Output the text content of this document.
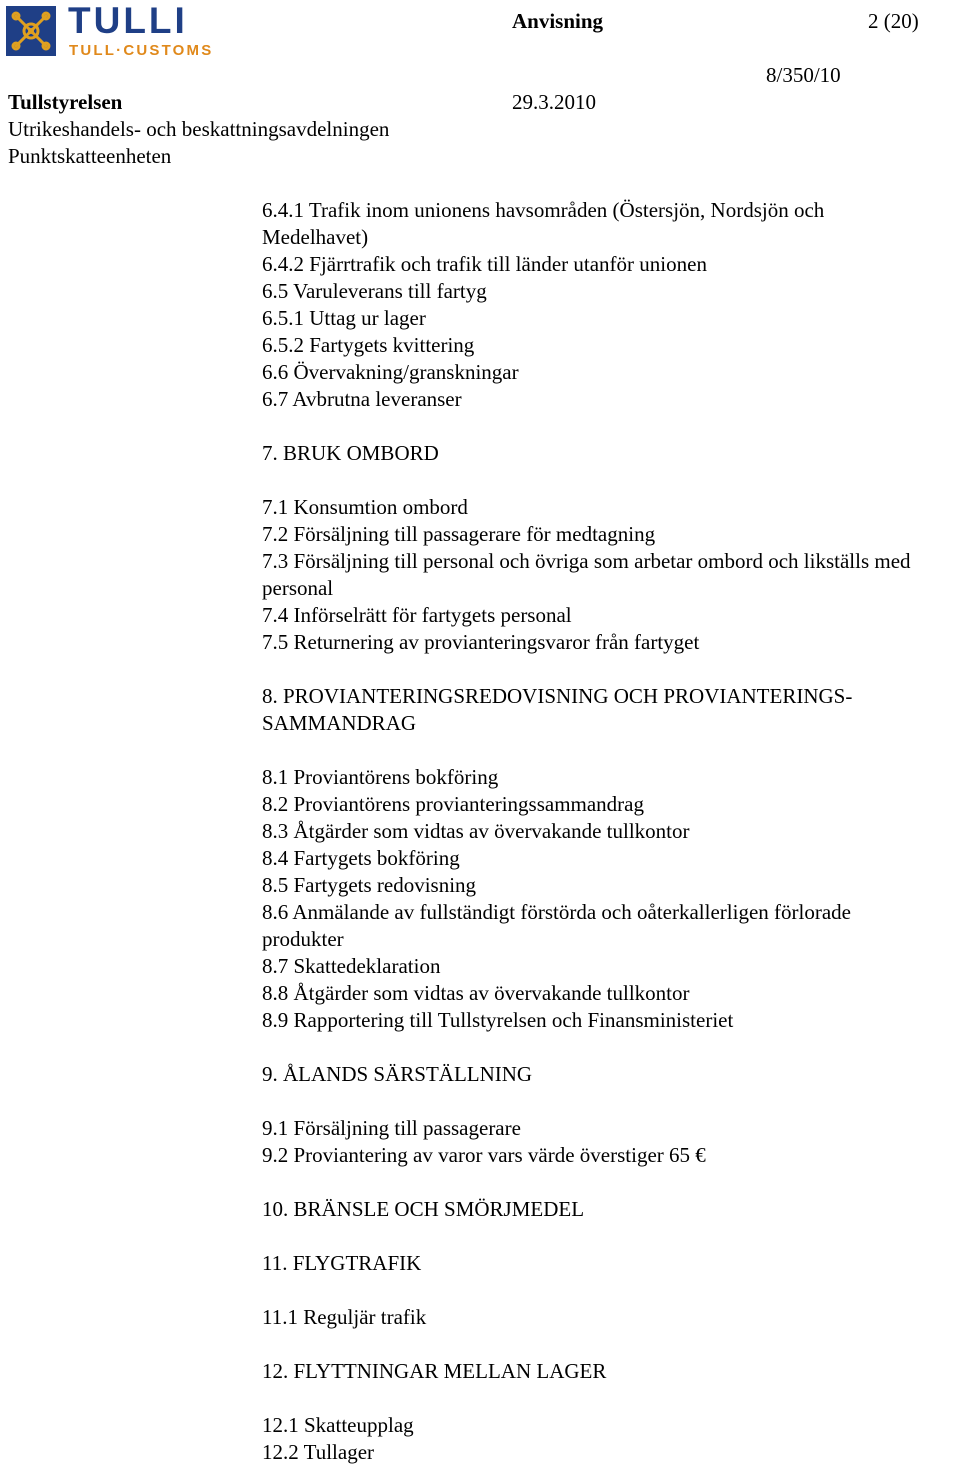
TULLI
TULL·CUSTOMS
Anvisning	2 (20)
8/350/10
Tullstyrelsen	29.3.2010
Utrikeshandels- och beskattningsavdelningen
Punktskatteenheten

6.4.1 Trafik inom unionens havsområden (Östersjön, Nordsjön och Medelhavet)

6.4.2 Fjärrtrafik och trafik till länder utanför unionen

6.5 Varuleverans till fartyg

6.5.1 Uttag ur lager

6.5.2 Fartygets kvittering

6.6 Övervakning/granskningar

6.7 Avbrutna leveranser

7. BRUK OMBORD

7.1 Konsumtion ombord

7.2 Försäljning till passagerare för medtagning

7.3 Försäljning till personal och övriga som arbetar ombord och likställs med personal

7.4 Införselrätt för fartygets personal

7.5 Returnering av provianteringsvaror från fartyget

8. PROVIANTERINGSREDOVISNING OCH PROVIANTERINGS-SAMMANDRAG

8.1 Proviantörens bokföring

8.2 Proviantörens provianteringssammandrag

8.3 Åtgärder som vidtas av övervakande tullkontor

8.4 Fartygets bokföring

8.5 Fartygets redovisning

8.6 Anmälande av fullständigt förstörda och oåterkallerligen förlorade produkter

8.7 Skattedeklaration

8.8 Åtgärder som vidtas av övervakande tullkontor

8.9 Rapportering till Tullstyrelsen och Finansministeriet

9. ÅLANDS SÄRSTÄLLNING

9.1 Försäljning till passagerare

9.2 Proviantering av varor vars värde överstiger 65 €

10. BRÄNSLE OCH SMÖRJMEDEL

11. FLYGTRAFIK

11.1 Reguljär trafik

12. FLYTTNINGAR MELLAN LAGER

12.1 Skatteupplag

12.2 Tullager
